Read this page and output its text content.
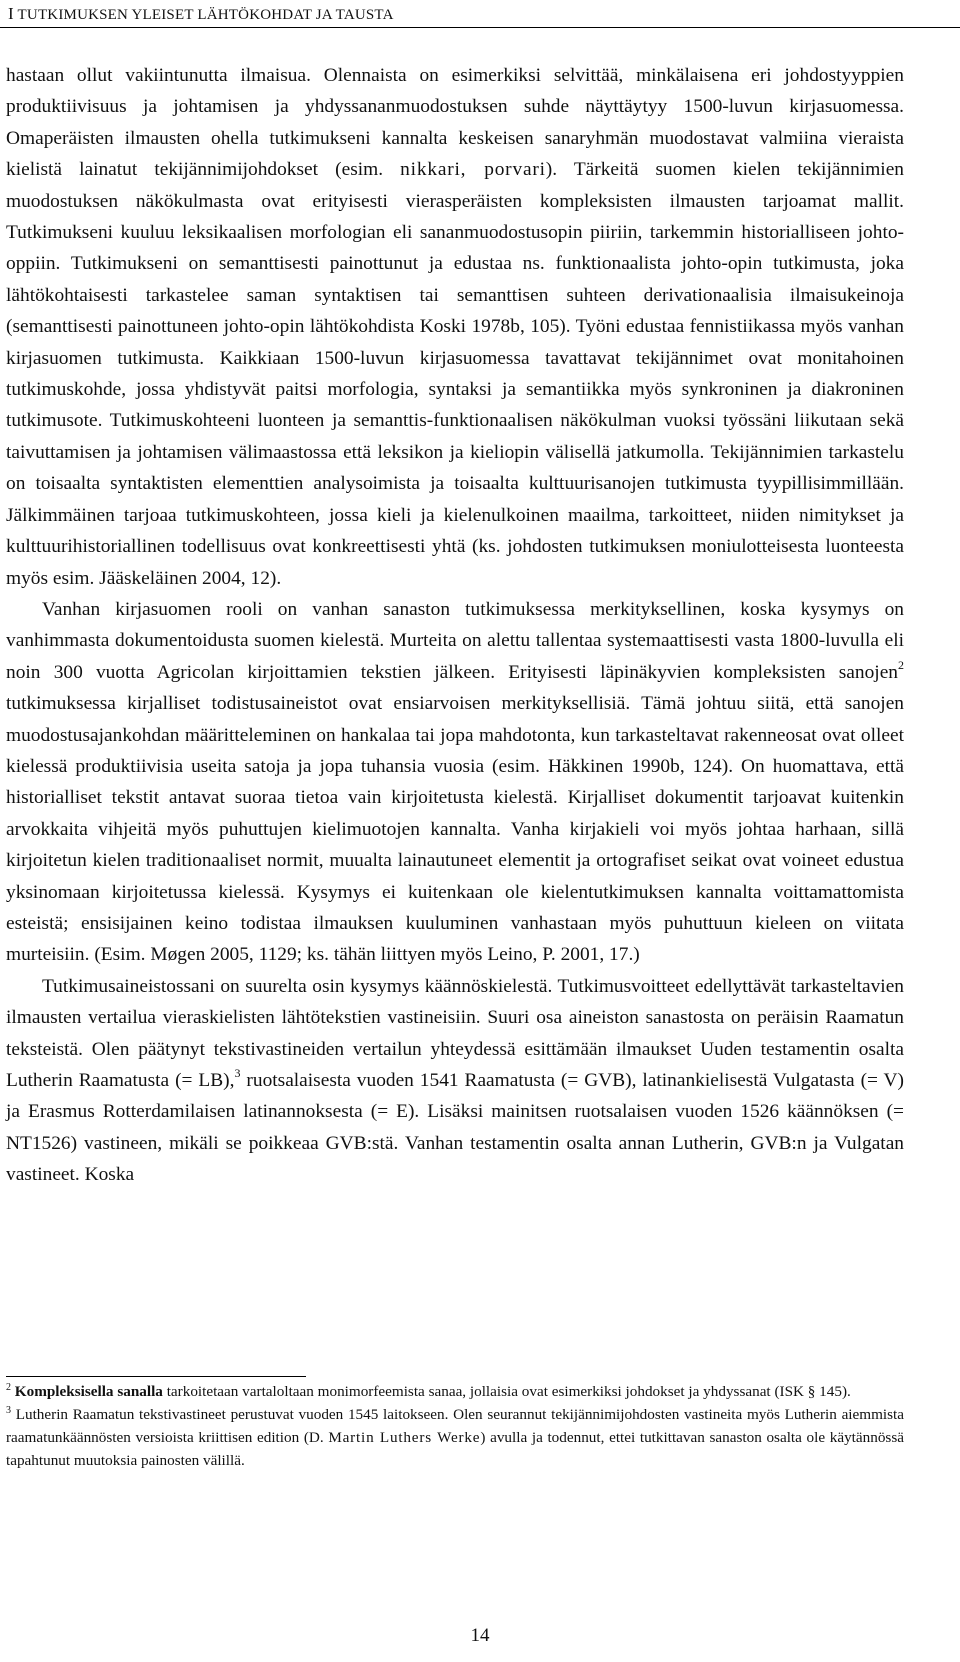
I TUTKIMUKSEN YLEISET LÄHTÖKOHDAT JA TAUSTA

hastaan ollut vakiintunutta ilmaisua. Olennaista on esimerkiksi selvittää, minkälaisena eri johdostyyppien produktiivisuus ja johtamisen ja yhdyssananmuodostuksen suhde näyttäytyy 1500-luvun kirjasuomessa. Omaperäisten ilmausten ohella tutkimukseni kannalta keskeisen sanaryhmän muodostavat valmiina vieraista kielistä lainatut tekijännimijohdokset (esim. nikkari, porvari). Tärkeitä suomen kielen tekijännimien muodostuksen näkökulmasta ovat erityisesti vierasperäisten kompleksisten ilmausten tarjoamat mallit. Tutkimukseni kuuluu leksikaalisen morfologian eli sananmuodostusopin piiriin, tarkemmin historialliseen johto-oppiin. Tutkimukseni on semanttisesti painottunut ja edustaa ns. funktionaalista johto-opin tutkimusta, joka lähtökohtaisesti tarkastelee saman syntaktisen tai semanttisen suhteen derivationaalisia ilmaisukeinoja (semanttisesti painottuneen johto-opin lähtökohdista Koski 1978b, 105). Työni edustaa fennistiikassa myös vanhan kirjasuomen tutkimusta. Kaikkiaan 1500-luvun kirjasuomessa tavattavat tekijännimet ovat monitahoinen tutkimuskohde, jossa yhdistyvät paitsi morfologia, syntaksi ja semantiikka myös synkroninen ja diakroninen tutkimusote. Tutkimuskohteeni luonteen ja semanttis-funktionaalisen näkökulman vuoksi työssäni liikutaan sekä taivuttamisen ja johtamisen välimaastossa että leksikon ja kieliopin välisellä jatkumolla. Tekijännimien tarkastelu on toisaalta syntaktisten elementtien analysoimista ja toisaalta kulttuurisanojen tutkimusta tyypillisimmillään. Jälkimmäinen tarjoaa tutkimuskohteen, jossa kieli ja kielenulkoinen maailma, tarkoitteet, niiden nimitykset ja kulttuurihistoriallinen todellisuus ovat konkreettisesti yhtä (ks. johdosten tutkimuksen moniulotteisesta luonteesta myös esim. Jääskeläinen 2004, 12).

Vanhan kirjasuomen rooli on vanhan sanaston tutkimuksessa merkityksellinen, koska kysymys on vanhimmasta dokumentoidusta suomen kielestä. Murteita on alettu tallentaa systemaattisesti vasta 1800-luvulla eli noin 300 vuotta Agricolan kirjoittamien tekstien jälkeen. Erityisesti läpinäkyvien kompleksisten sanojen$^2$ tutkimuksessa kirjalliset todistusaineistot ovat ensiarvoisen merkityksellisiä. Tämä johtuu siitä, että sanojen muodostusajankohdan määritteleminen on hankalaa tai jopa mahdotonta, kun tarkasteltavat rakenneosat ovat olleet kielessä produktiivisia useita satoja ja jopa tuhansia vuosia (esim. Häkkinen 1990b, 124). On huomattava, että historialliset tekstit antavat suoraa tietoa vain kirjoitetusta kielestä. Kirjalliset dokumentit tarjoavat kuitenkin arvokkaita vihjeitä myös puhuttujen kielimuotojen kannalta. Vanha kirjakieli voi myös johtaa harhaan, sillä kirjoitetun kielen traditionaaliset normit, muualta lainautuneet elementit ja ortografiset seikat ovat voineet edustua yksinomaan kirjoitetussa kielessä. Kysymys ei kuitenkaan ole kielentutkimuksen kannalta voittamattomista esteistä; ensisijainen keino todistaa ilmauksen kuuluminen vanhastaan myös puhuttuun kieleen on viitata murteisiin. (Esim. Møgen 2005, 1129; ks. tähän liittyen myös Leino, P. 2001, 17.)

Tutkimusaineistossani on suurelta osin kysymys käännöskielestä. Tutkimusvoitteet edellyttävät tarkasteltavien ilmausten vertailua vieraskielisten lähtötekstien vastineisiin. Suuri osa aineiston sanastosta on peräisin Raamatun teksteistä. Olen päätynyt tekstivastineiden vertailun yhteydessä esittämään ilmaukset Uuden testamentin osalta Lutherin Raamatusta (= LB),$^3$ ruotsalaisesta vuoden 1541 Raamatusta (= GVB), latinankielisestä Vulgatasta (= V) ja Erasmus Rotterdamilaisen latinannoksesta (= E). Lisäksi mainitsen ruotsalaisen vuoden 1526 käännöksen (= NT1526) vastineen, mikäli se poikkeaa GVB:stä. Vanhan testamentin osalta annan Lutherin, GVB:n ja Vulgatan vastineet. Koska

$^2$ Kompleksisella sanalla tarkoitetaan vartaloltaan monimorfeemista sanaa, jollaisia ovat esimerkiksi johdokset ja yhdyssanat (ISK § 145).

$^3$ Lutherin Raamatun tekstivastineet perustuvat vuoden 1545 laitokseen. Olen seurannut tekijännimijohdosten vastineita myös Lutherin aiemmista raamatunkäännösten versioista kriittisen edition (D. Martin Luthers Werke) avulla ja todennut, ettei tutkittavan sanaston osalta ole käytännössä tapahtunut muutoksia painosten välillä.

14
